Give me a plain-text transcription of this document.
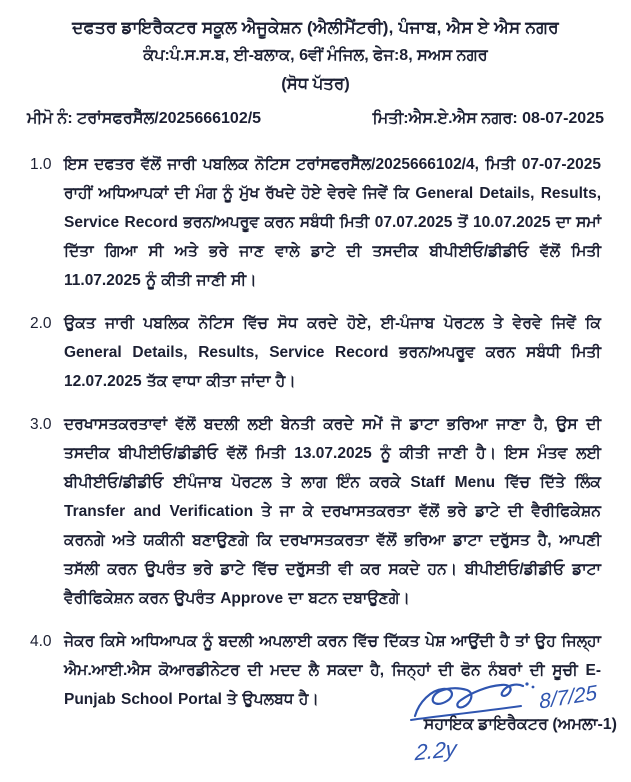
ਦਫਤਰ ਡਾਇਰੈਕਟਰ ਸਕੂਲ ਐਜੂਕੇਸ਼ਨ (ਐਲੀਮੈਂਟਰੀ), ਪੰਜਾਬ, ਐਸ ਏ ਐਸ ਨਗਰ
ਕੰਪ:ਪੰ.ਸ.ਸ.ਬ, ਈ-ਬਲਾਕ, 6ਵੀਂ ਮੰਜਿਲ, ਫੇਜ:8, ਸਅਸ ਨਗਰ
(ਸੋਧ ਪੱਤਰ)
ਮੀਮੋ ਨੰ: ਟਰਾਂਸਫਰਸੈੱਲ/2025666102/5	ਮਿਤੀ:ਐਸ.ਏ.ਐਸ ਨਗਰ: 08-07-2025
1.0 ਇਸ ਦਫਤਰ ਵੱਲੋਂ ਜਾਰੀ ਪਬਲਿਕ ਨੋਟਿਸ ਟਰਾਂਸਫਰਸੈੱਲ/2025666102/4, ਮਿਤੀ 07-07-2025 ਰਾਹੀਂ ਅਧਿਆਪਕਾਂ ਦੀ ਮੰਗ ਨੂੰ ਮੁੱਖ ਰੱਖਦੇ ਹੋਏ ਵੇਰਵੇ ਜਿਵੇਂ ਕਿ General Details, Results, Service Record ਭਰਨ/ਅਪਰੂਵ ਕਰਨ ਸਬੰਧੀ ਮਿਤੀ 07.07.2025 ਤੋਂ 10.07.2025 ਦਾ ਸਮਾਂ ਦਿੱਤਾ ਗਿਆ ਸੀ ਅਤੇ ਭਰੇ ਜਾਣ ਵਾਲੇ ਡਾਟੇ ਦੀ ਤਸਦੀਕ ਬੀਪੀਈਓ/ਡੀਡੀਓ ਵੱਲੋਂ ਮਿਤੀ 11.07.2025 ਨੂੰ ਕੀਤੀ ਜਾਣੀ ਸੀ।
2.0 ਉਕਤ ਜਾਰੀ ਪਬਲਿਕ ਨੋਟਿਸ ਵਿੱਚ ਸੋਧ ਕਰਦੇ ਹੋਏ, ਈ-ਪੰਜਾਬ ਪੋਰਟਲ ਤੇ ਵੇਰਵੇ ਜਿਵੇਂ ਕਿ General Details, Results, Service Record ਭਰਨ/ਅਪਰੂਵ ਕਰਨ ਸਬੰਧੀ ਮਿਤੀ 12.07.2025 ਤੱਕ ਵਾਧਾ ਕੀਤਾ ਜਾਂਦਾ ਹੈ।
3.0 ਦਰਖਾਸਤਕਰਤਾਵਾਂ ਵੱਲੋਂ ਬਦਲੀ ਲਈ ਬੇਨਤੀ ਕਰਦੇ ਸਮੇਂ ਜੋ ਡਾਟਾ ਭਰਿਆ ਜਾਣਾ ਹੈ, ਉਸ ਦੀ ਤਸਦੀਕ ਬੀਪੀਈਓ/ਡੀਡੀਓ ਵੱਲੋਂ ਮਿਤੀ 13.07.2025 ਨੂੰ ਕੀਤੀ ਜਾਣੀ ਹੈ। ਇਸ ਮੰਤਵ ਲਈ ਬੀਪੀਈਓ/ਡੀਡੀਓ ਈਪੰਜਾਬ ਪੋਰਟਲ ਤੇ ਲਾਗ ਇੰਨ ਕਰਕੇ Staff Menu ਵਿੱਚ ਦਿੱਤੇ ਲਿੰਕ Transfer and Verification ਤੇ ਜਾ ਕੇ ਦਰਖਾਸਤਕਰਤਾ ਵੱਲੋਂ ਭਰੇ ਡਾਟੇ ਦੀ ਵੈਰੀਫਿਕੇਸ਼ਨ ਕਰਨਗੇ ਅਤੇ ਯਕੀਨੀ ਬਣਾਉਣਗੇ ਕਿ ਦਰਖਾਸਤਕਰਤਾ ਵੱਲੋਂ ਭਰਿਆ ਡਾਟਾ ਦਰੁੱਸਤ ਹੈ, ਆਪਣੀ ਤਸੱਲੀ ਕਰਨ ਉਪਰੰਤ ਭਰੇ ਡਾਟੇ ਵਿੱਚ ਦਰੁੱਸਤੀ ਵੀ ਕਰ ਸਕਦੇ ਹਨ। ਬੀਪੀਈਓ/ਡੀਡੀਓ ਡਾਟਾ ਵੈਰੀਫਿਕੇਸ਼ਨ ਕਰਨ ਉਪਰੰਤ Approve ਦਾ ਬਟਨ ਦਬਾਉਣਗੇ।
4.0 ਜੇਕਰ ਕਿਸੇ ਅਧਿਆਪਕ ਨੂੰ ਬਦਲੀ ਅਪਲਾਈ ਕਰਨ ਵਿੱਚ ਦਿੱਕਤ ਪੇਸ਼ ਆਉਂਦੀ ਹੈ ਤਾਂ ਉਹ ਜਿਲ੍ਹਾ ਐਮ.ਆਈ.ਐਸ ਕੋਆਰਡੀਨੇਟਰ ਦੀ ਮਦਦ ਲੈ ਸਕਦਾ ਹੈ, ਜਿਨ੍ਹਾਂ ਦੀ ਫੋਨ ਨੰਬਰਾਂ ਦੀ ਸੂਚੀ E-Punjab School Portal ਤੇ ਉਪਲਬਧ ਹੈ।	8/7/25
ਸਹਾਇਕ ਡਾਇਰੈਕਟਰ (ਅਮਲਾ-1)
2.2y
